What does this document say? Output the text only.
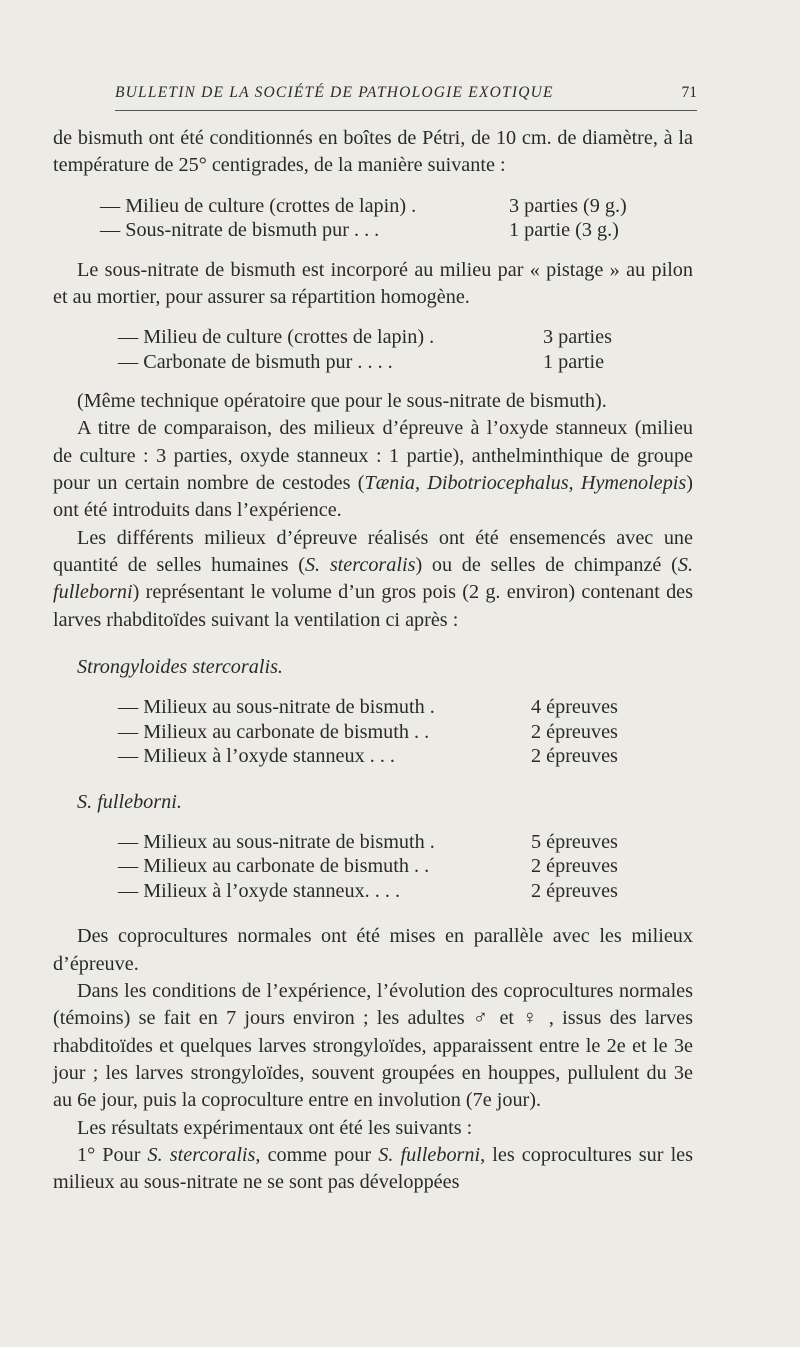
BULLETIN DE LA SOCIÉTÉ DE PATHOLOGIE EXOTIQUE	71

de bismuth ont été conditionnés en boîtes de Pétri, de 10 cm. de diamètre, à la température de 25° centigrades, de la manière suivante :

— Milieu de culture (crottes de lapin) .	3 parties (9 g.)
— Sous-nitrate de bismuth pur . . .	1 partie (3 g.)

Le sous-nitrate de bismuth est incorporé au milieu par « pistage » au pilon et au mortier, pour assurer sa répartition homogène.

— Milieu de culture (crottes de lapin) .	3 parties
— Carbonate de bismuth pur . . . .	1 partie

(Même technique opératoire que pour le sous-nitrate de bismuth).

A titre de comparaison, des milieux d’épreuve à l’oxyde stanneux (milieu de culture : 3 parties, oxyde stanneux : 1 partie), anthelminthique de groupe pour un certain nombre de cestodes (Tænia, Dibotriocephalus, Hymenolepis) ont été introduits dans l’expérience.

Les différents milieux d’épreuve réalisés ont été ensemencés avec une quantité de selles humaines (S. stercoralis) ou de selles de chimpanzé (S. fulleborni) représentant le volume d’un gros pois (2 g. environ) contenant des larves rhabditoïdes suivant la ventilation ci après :

Strongyloides stercoralis.

— Milieux au sous-nitrate de bismuth .	4 épreuves
— Milieux au carbonate de bismuth . .	2 épreuves
— Milieux à l’oxyde stanneux . . .	2 épreuves

S. fulleborni.

— Milieux au sous-nitrate de bismuth .	5 épreuves
— Milieux au carbonate de bismuth . .	2 épreuves
— Milieux à l’oxyde stanneux. . . .	2 épreuves

Des coprocultures normales ont été mises en parallèle avec les milieux d’épreuve.

Dans les conditions de l’expérience, l’évolution des coprocultures normales (témoins) se fait en 7 jours environ ; les adultes ♂ et ♀ , issus des larves rhabditoïdes et quelques larves strongyloïdes, apparaissent entre le 2e et le 3e jour ; les larves strongyloïdes, souvent groupées en houppes, pullulent du 3e au 6e jour, puis la coproculture entre en involution (7e jour).

Les résultats expérimentaux ont été les suivants :

1° Pour S. stercoralis, comme pour S. fulleborni, les coprocultures sur les milieux au sous-nitrate ne se sont pas développées
